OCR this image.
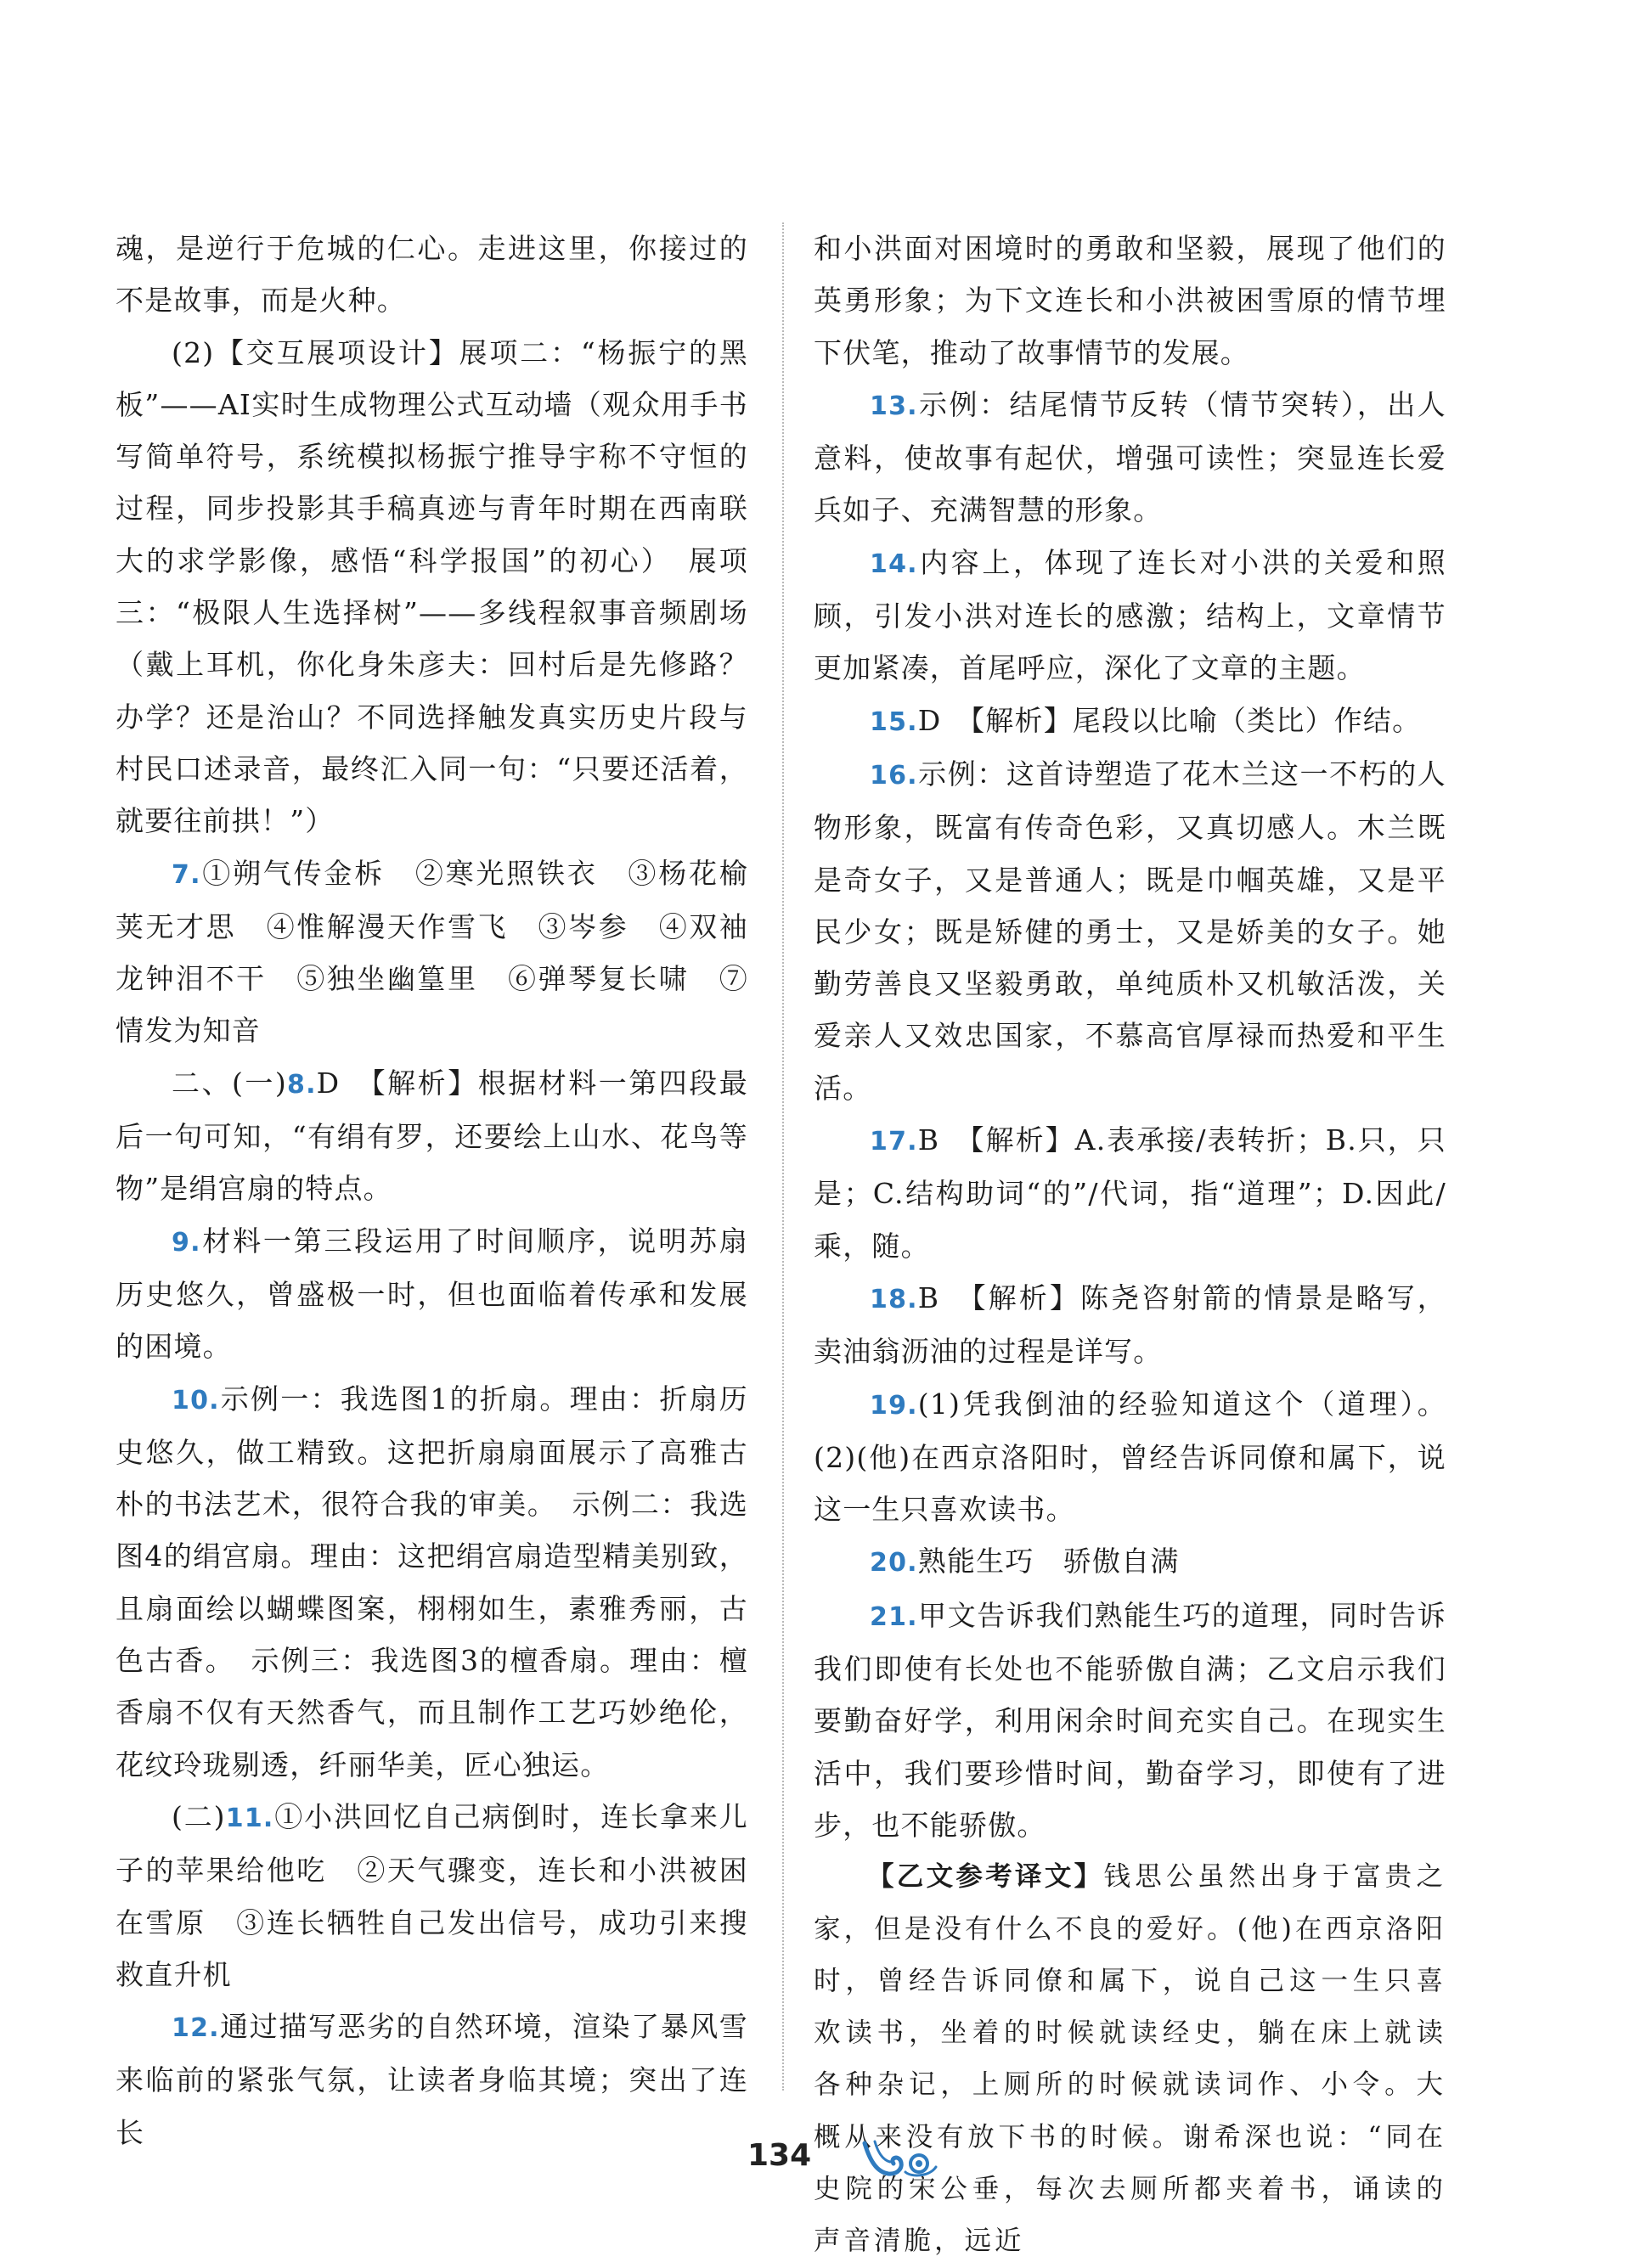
魂，是逆行于危城的仁心。走进这里，你接过的不是故事，而是火种。

(2)【交互展项设计】展项二：“杨振宁的黑板”——AI实时生成物理公式互动墙（观众用手书写简单符号，系统模拟杨振宁推导宇称不守恒的过程，同步投影其手稿真迹与青年时期在西南联大的求学影像，感悟“科学报国”的初心）　展项三：“极限人生选择树”——多线程叙事音频剧场（戴上耳机，你化身朱彦夫：回村后是先修路？办学？还是治山？不同选择触发真实历史片段与村民口述录音，最终汇入同一句：“只要还活着，就要往前拱！”）

7.①朔气传金柝　②寒光照铁衣　③杨花榆荚无才思　④惟解漫天作雪飞　③岑参　④双袖龙钟泪不干　⑤独坐幽篁里　⑥弹琴复长啸　⑦情发为知音

二、(一)8.D　【解析】根据材料一第四段最后一句可知，“有绢有罗，还要绘上山水、花鸟等物”是绢宫扇的特点。

9.材料一第三段运用了时间顺序，说明苏扇历史悠久，曾盛极一时，但也面临着传承和发展的困境。

10.示例一：我选图1的折扇。理由：折扇历史悠久，做工精致。这把折扇扇面展示了高雅古朴的书法艺术，很符合我的审美。　示例二：我选图4的绢宫扇。理由：这把绢宫扇造型精美别致，且扇面绘以蝴蝶图案，栩栩如生，素雅秀丽，古色古香。　示例三：我选图3的檀香扇。理由：檀香扇不仅有天然香气，而且制作工艺巧妙绝伦，花纹玲珑剔透，纤丽华美，匠心独运。

(二)11.①小洪回忆自己病倒时，连长拿来儿子的苹果给他吃　②天气骤变，连长和小洪被困在雪原　③连长牺牲自己发出信号，成功引来搜救直升机

12.通过描写恶劣的自然环境，渲染了暴风雪来临前的紧张气氛，让读者身临其境；突出了连长

和小洪面对困境时的勇敢和坚毅，展现了他们的英勇形象；为下文连长和小洪被困雪原的情节埋下伏笔，推动了故事情节的发展。

13.示例：结尾情节反转（情节突转），出人意料，使故事有起伏，增强可读性；突显连长爱兵如子、充满智慧的形象。

14.内容上，体现了连长对小洪的关爱和照顾，引发小洪对连长的感激；结构上，文章情节更加紧凑，首尾呼应，深化了文章的主题。

15.D　【解析】尾段以比喻（类比）作结。

16.示例：这首诗塑造了花木兰这一不朽的人物形象，既富有传奇色彩，又真切感人。木兰既是奇女子，又是普通人；既是巾帼英雄，又是平民少女；既是矫健的勇士，又是娇美的女子。她勤劳善良又坚毅勇敢，单纯质朴又机敏活泼，关爱亲人又效忠国家，不慕高官厚禄而热爱和平生活。

17.B　【解析】A.表承接/表转折；B.只，只是；C.结构助词“的”/代词，指“道理”；D.因此/乘，随。

18.B　【解析】陈尧咨射箭的情景是略写，卖油翁沥油的过程是详写。

19.(1)凭我倒油的经验知道这个（道理）。(2)(他)在西京洛阳时，曾经告诉同僚和属下，说这一生只喜欢读书。

20.熟能生巧　骄傲自满

21.甲文告诉我们熟能生巧的道理，同时告诉我们即使有长处也不能骄傲自满；乙文启示我们要勤奋好学，利用闲余时间充实自己。在现实生活中，我们要珍惜时间，勤奋学习，即使有了进步，也不能骄傲。

【乙文参考译文】钱思公虽然出身于富贵之家，但是没有什么不良的爱好。(他)在西京洛阳时，曾经告诉同僚和属下，说自己这一生只喜欢读书，坐着的时候就读经史，躺在床上就读各种杂记，上厕所的时候就读词作、小令。大概从来没有放下书的时候。谢希深也说：“同在史院的宋公垂，每次去厕所都夹着书，诵读的声音清脆，远近

134
